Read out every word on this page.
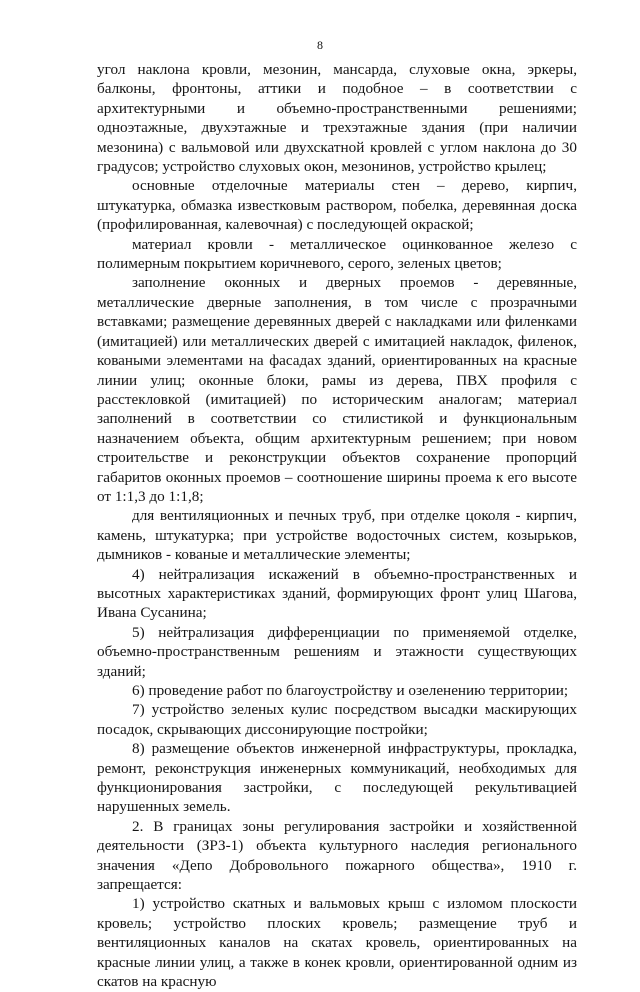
8

угол наклона кровли, мезонин, мансарда, слуховые окна, эркеры, балконы, фронтоны, аттики и подобное – в соответствии с архитектурными и объемно-пространственными решениями; одноэтажные, двухэтажные и трехэтажные здания (при наличии мезонина) с вальмовой или двухскатной кровлей с углом наклона до 30 градусов; устройство слуховых окон, мезонинов, устройство крылец;

основные отделочные материалы стен – дерево, кирпич, штукатурка, обмазка известковым раствором, побелка, деревянная доска (профилированная, калевочная) с последующей окраской;

материал кровли - металлическое оцинкованное железо с полимерным покрытием коричневого, серого, зеленых цветов;

заполнение оконных и дверных проемов - деревянные, металлические дверные заполнения, в том числе с прозрачными вставками; размещение деревянных дверей с накладками или филенками (имитацией) или металлических дверей с имитацией накладок, филенок, коваными элементами на фасадах зданий, ориентированных на красные линии улиц; оконные блоки, рамы из дерева, ПВХ профиля с расстекловкой (имитацией) по историческим аналогам; материал заполнений в соответствии со стилистикой и функциональным назначением объекта, общим архитектурным решением; при новом строительстве и реконструкции объектов сохранение пропорций габаритов оконных проемов – соотношение ширины проема к его высоте от 1:1,3 до 1:1,8;

для вентиляционных и печных труб, при отделке цоколя - кирпич, камень, штукатурка; при устройстве водосточных систем, козырьков, дымников - кованые и металлические элементы;

4) нейтрализация искажений в объемно-пространственных и высотных характеристиках зданий, формирующих фронт улиц Шагова, Ивана Сусанина;

5) нейтрализация дифференциации по применяемой отделке, объемно-пространственным решениям и этажности существующих зданий;

6) проведение работ по благоустройству и озеленению территории;

7) устройство зеленых кулис посредством высадки маскирующих посадок, скрывающих диссонирующие постройки;

8) размещение объектов инженерной инфраструктуры, прокладка, ремонт, реконструкция инженерных коммуникаций, необходимых для функционирования застройки, с последующей рекультивацией нарушенных земель.

2. В границах зоны регулирования застройки и хозяйственной деятельности (ЗРЗ-1) объекта культурного наследия регионального значения «Депо Добровольного пожарного общества», 1910 г. запрещается:

1) устройство скатных и вальмовых крыш с изломом плоскости кровель; устройство плоских кровель; размещение труб и вентиляционных каналов на скатах кровель, ориентированных на красные линии улиц, а также в конек кровли, ориентированной одним из скатов на красную
